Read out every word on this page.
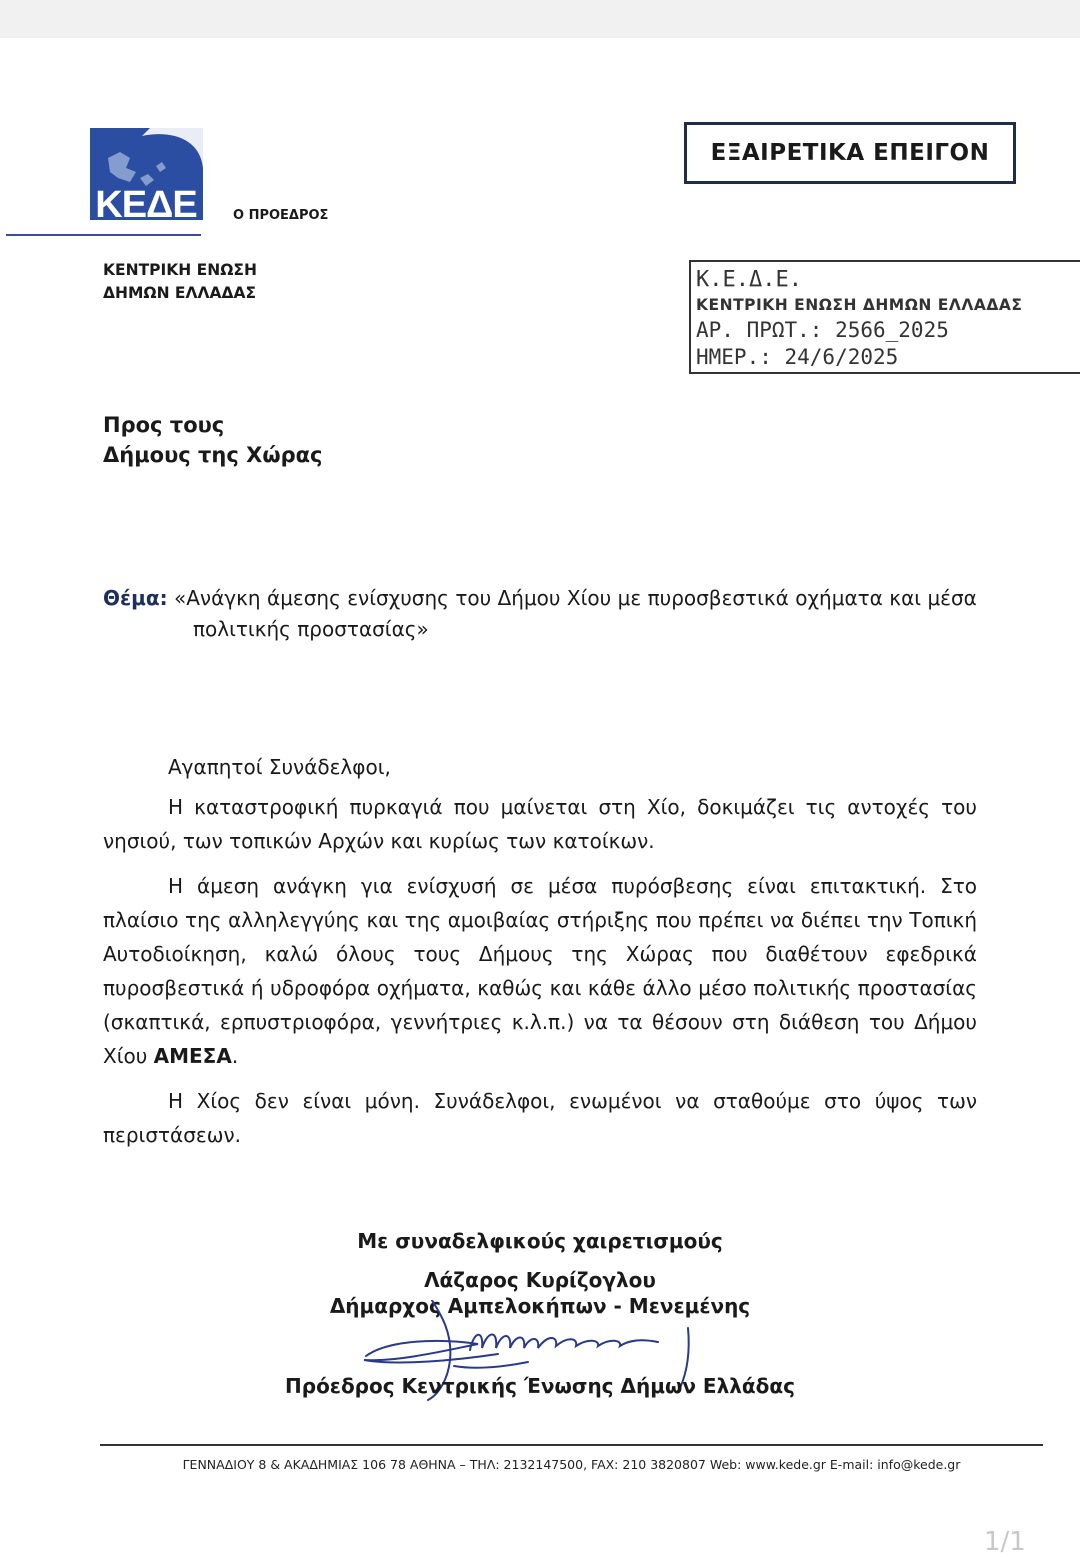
ΚΕΔΕ	Ο ΠΡΟΕΔΡΟΣ
ΕΞΑΙΡΕΤΙΚΑ ΕΠΕΙΓΟΝ
ΚΕΝΤΡΙΚΗ ΕΝΩΣΗ
ΔΗΜΩΝ ΕΛΛΑΔΑΣ
Κ.Ε.Δ.Ε.
ΚΕΝΤΡΙΚΗ ΕΝΩΣΗ ΔΗΜΩΝ ΕΛΛΑΔΑΣ
ΑΡ. ΠΡΩΤ.: 2566_2025
ΗΜΕΡ.: 24/6/2025
Προς τους
Δήμους της Χώρας
Θέμα: «Ανάγκη άμεσης ενίσχυσης του Δήμου Χίου με πυροσβεστικά οχήματα και μέσα
πολιτικής προστασίας»

Αγαπητοί Συνάδελφοι,

Η καταστροφική πυρκαγιά που μαίνεται στη Χίο, δοκιμάζει τις αντοχές του νησιού, των τοπικών Αρχών και κυρίως των κατοίκων.

Η άμεση ανάγκη για ενίσχυσή σε μέσα πυρόσβεσης είναι επιτακτική. Στο πλαίσιο της αλληλεγγύης και της αμοιβαίας στήριξης που πρέπει να διέπει την Τοπική Αυτοδιοίκηση, καλώ όλους τους Δήμους της Χώρας που διαθέτουν εφεδρικά πυροσβεστικά ή υδροφόρα οχήματα, καθώς και κάθε άλλο μέσο πολιτικής προστασίας (σκαπτικά, ερπυστριοφόρα, γεννήτριες κ.λ.π.) να τα θέσουν στη διάθεση του Δήμου Χίου ΑΜΕΣΑ.

Η Χίος δεν είναι μόνη. Συνάδελφοι, ενωμένοι να σταθούμε στο ύψος των περιστάσεων.

Με συναδελφικούς χαιρετισμούς
Λάζαρος Κυρίζογλου
Δήμαρχος Αμπελοκήπων - Μενεμένης
Πρόεδρος Κεντρικής Ένωσης Δήμων Ελλάδας
ΓΕΝΝΑΔΙΟΥ 8 & ΑΚΑΔΗΜΙΑΣ 106 78 ΑΘΗΝΑ – ΤΗΛ: 2132147500, FAX: 210 3820807 Web: www.kede.gr E-mail: info@kede.gr
1/1
